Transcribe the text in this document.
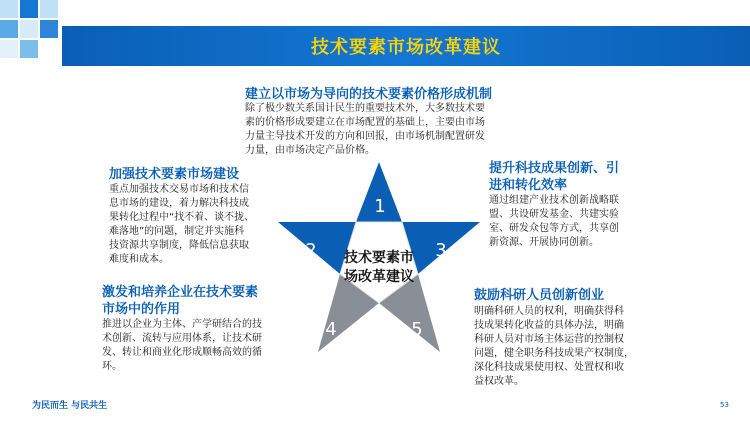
技术要素市场改革建议
1
2	3
4	5
技术要素市
场改革建议
建立以市场为导向的技术要素价格形成机制
除了极少数关系国计民生的重要技术外，大多数技术要
素的价格形成要建立在市场配置的基础上，主要由市场
力量主导技术开发的方向和回报，由市场机制配置研发
力量，由市场决定产品价格。
加强技术要素市场建设
重点加强技术交易市场和技术信
息市场的建设，着力解决科技成
果转化过程中“找不着、谈不拢、
难落地”的问题，制定并实施科
技资源共享制度，降低信息获取
难度和成本。
提升科技成果创新、引
进和转化效率
通过组建产业技术创新战略联
盟、共设研发基金、共建实验
室、研发众包等方式，共享创
新资源、开展协同创新。
激发和培养企业在技术要素
市场中的作用
推进以企业为主体、产学研结合的技
术创新、流转与应用体系，让技术研
发、转让和商业化形成顺畅高效的循
环。
鼓励科研人员创新创业
明确科研人员的权利，明确获得科
技成果转化收益的具体办法，明确
科研人员对市场主体运营的控制权
问题，健全职务科技成果产权制度，
深化科技成果使用权、处置权和收
益权改革。
为民而生 与民共生	53
